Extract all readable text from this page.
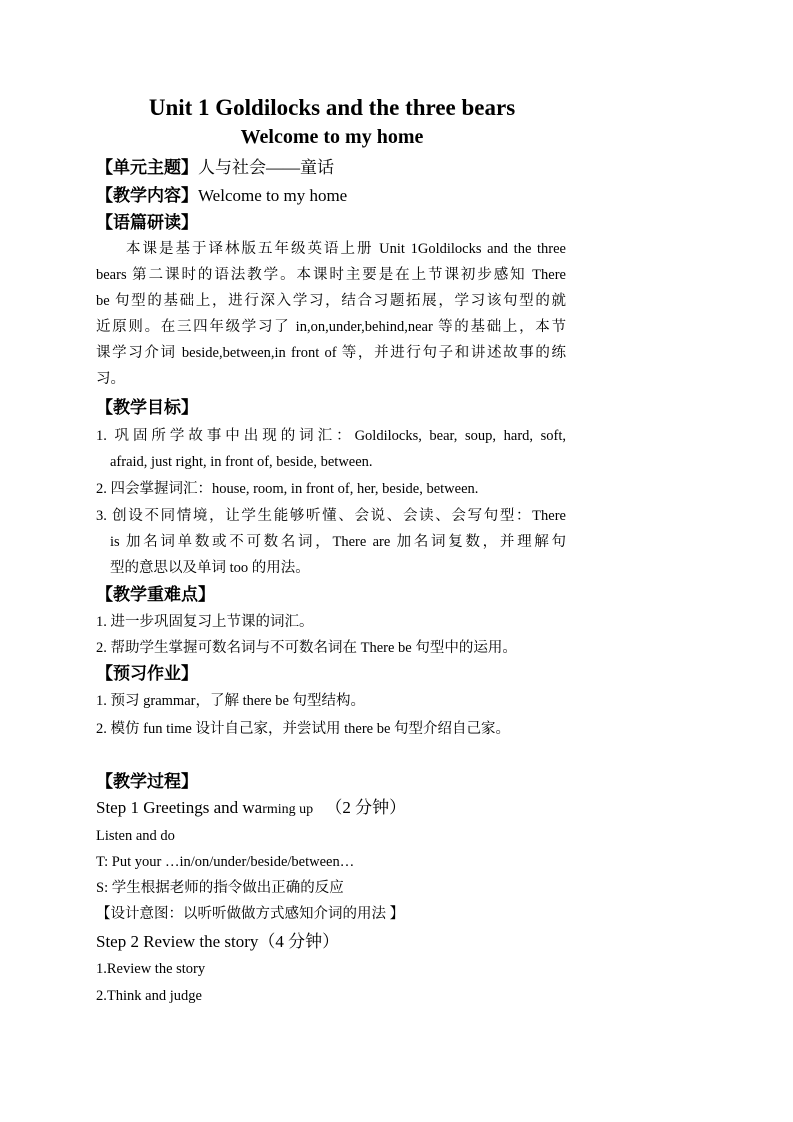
Unit 1 Goldilocks and the three bears
Welcome to my home
【单元主题】人与社会——童话
【教学内容】Welcome to my home
【语篇研读】
本课是基于译林版五年级英语上册 Unit 1Goldilocks and the three
bears 第二课时的语法教学。本课时主要是在上节课初步感知 There
be 句型的基础上，进行深入学习，结合习题拓展，学习该句型的就
近原则。在三四年级学习了 in,on,under,behind,near 等的基础上，本节
课学习介词 beside,between,in front of 等，并进行句子和讲述故事的练
习。
【教学目标】
1. 巩固所学故事中出现的词汇：Goldilocks, bear, soup, hard, soft,
afraid, just right, in front of, beside, between.
2. 四会掌握词汇：house, room, in front of, her, beside, between.
3. 创设不同情境，让学生能够听懂、会说、会读、会写句型：There
is 加名词单数或不可数名词，There are 加名词复数，并理解句
型的意思以及单词 too 的用法。
【教学重难点】
1. 进一步巩固复习上节课的词汇。
2. 帮助学生掌握可数名词与不可数名词在 There be 句型中的运用。
【预习作业】
1. 预习 grammar，了解 there be 句型结构。
2. 模仿 fun time 设计自己家，并尝试用 there be 句型介绍自己家。
【教学过程】
Step 1 Greetings and warming up （2 分钟）
Listen and do
T: Put your …in/on/under/beside/between…
S: 学生根据老师的指令做出正确的反应
【设计意图：以听听做做方式感知介词的用法 】
Step 2 Review the story（4 分钟）
1.Review the story
2.Think and judge
